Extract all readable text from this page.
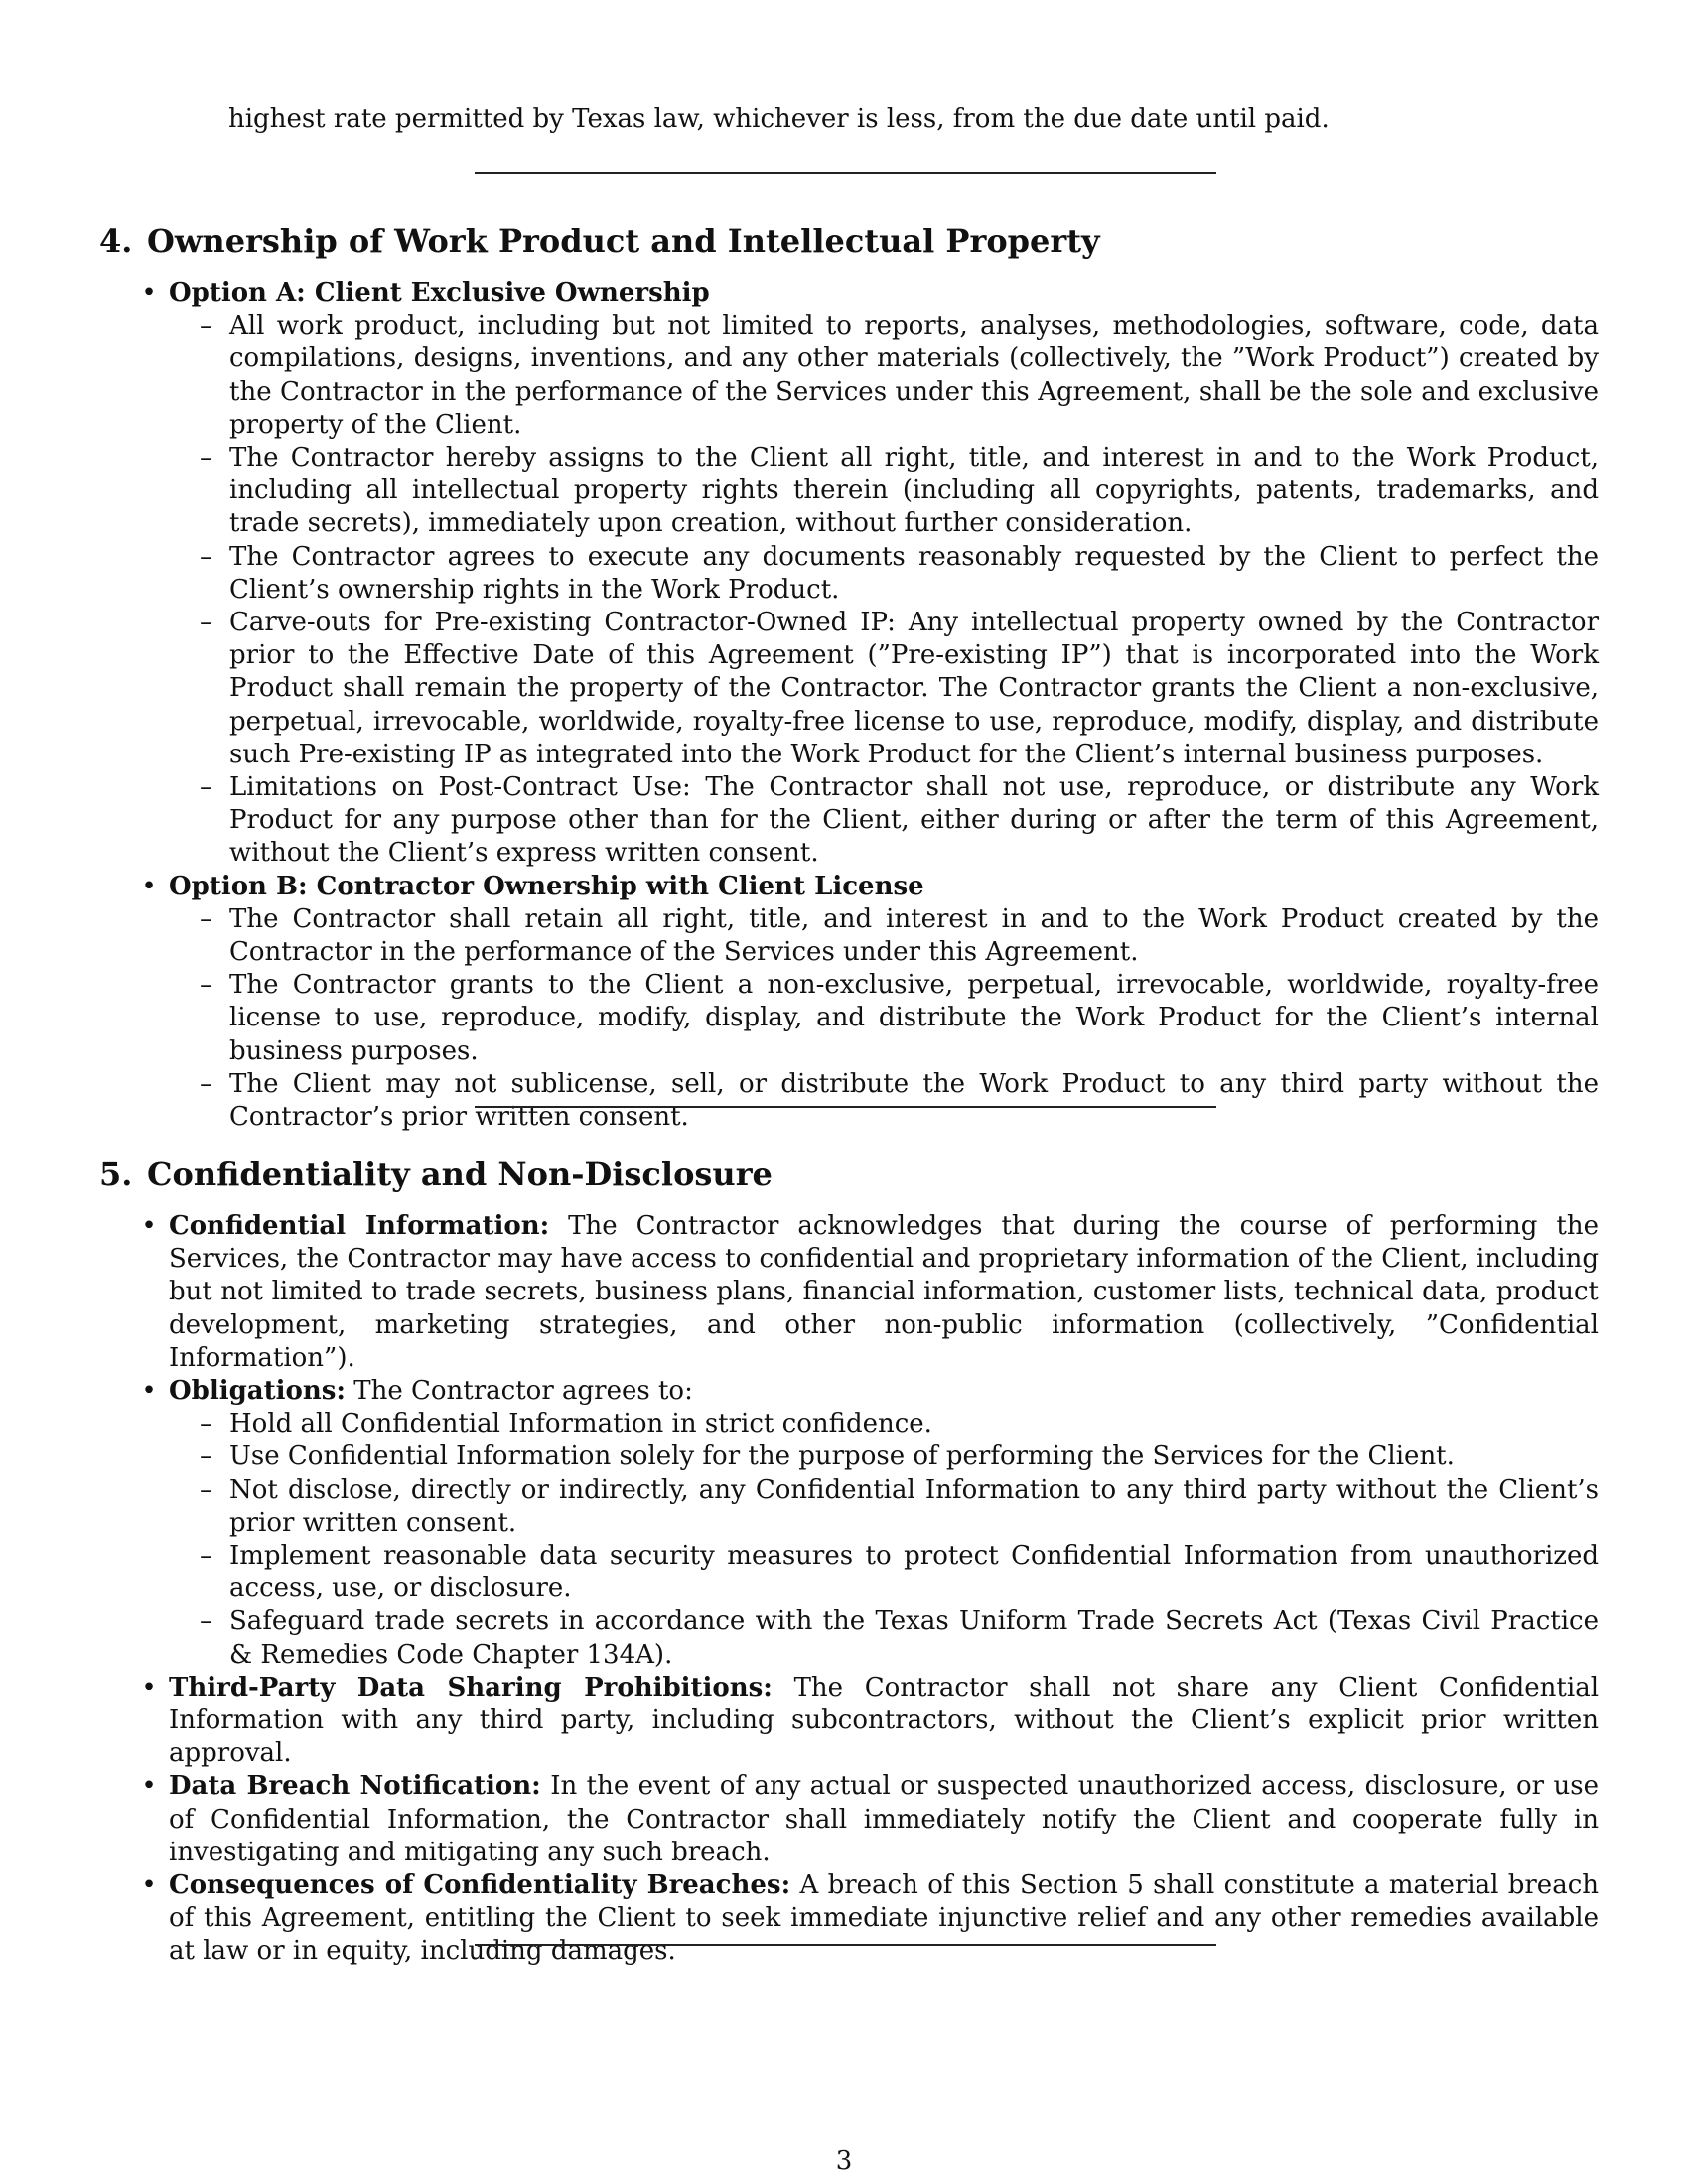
highest rate permitted by Texas law, whichever is less, from the due date until paid.
4. Ownership of Work Product and Intellectual Property
• Option A: Client Exclusive Ownership
– All work product, including but not limited to reports, analyses, methodologies, software, code, data compilations, designs, inventions, and any other materials (collectively, the ”Work Product”) created by the Contractor in the performance of the Services under this Agreement, shall be the sole and exclusive property of the Client.
– The Contractor hereby assigns to the Client all right, title, and interest in and to the Work Product, including all intellectual property rights therein (including all copyrights, patents, trademarks, and trade secrets), immediately upon creation, without further consideration.
– The Contractor agrees to execute any documents reasonably requested by the Client to perfect the Client’s ownership rights in the Work Product.
– Carve-outs for Pre-existing Contractor-Owned IP: Any intellectual property owned by the Contractor prior to the Effective Date of this Agreement (”Pre-existing IP”) that is incorporated into the Work Product shall remain the property of the Contractor. The Contractor grants the Client a non-exclusive, perpetual, irrevocable, worldwide, royalty-free license to use, reproduce, modify, display, and distribute such Pre-existing IP as integrated into the Work Product for the Client’s internal business purposes.
– Limitations on Post-Contract Use: The Contractor shall not use, reproduce, or distribute any Work Product for any purpose other than for the Client, either during or after the term of this Agreement, without the Client’s express written consent.
• Option B: Contractor Ownership with Client License
– The Contractor shall retain all right, title, and interest in and to the Work Product created by the Contractor in the performance of the Services under this Agreement.
– The Contractor grants to the Client a non-exclusive, perpetual, irrevocable, worldwide, royalty-free license to use, reproduce, modify, display, and distribute the Work Product for the Client’s internal business purposes.
– The Client may not sublicense, sell, or distribute the Work Product to any third party without the Contractor’s prior written consent.
5. Confidentiality and Non-Disclosure
• Confidential Information: The Contractor acknowledges that during the course of performing the Services, the Contractor may have access to confidential and proprietary information of the Client, including but not limited to trade secrets, business plans, financial information, customer lists, technical data, product development, marketing strategies, and other non-public information (collectively, ”Confidential Information”).
• Obligations: The Contractor agrees to:
– Hold all Confidential Information in strict confidence.
– Use Confidential Information solely for the purpose of performing the Services for the Client.
– Not disclose, directly or indirectly, any Confidential Information to any third party without the Client’s prior written consent.
– Implement reasonable data security measures to protect Confidential Information from unauthorized access, use, or disclosure.
– Safeguard trade secrets in accordance with the Texas Uniform Trade Secrets Act (Texas Civil Practice & Remedies Code Chapter 134A).
• Third-Party Data Sharing Prohibitions: The Contractor shall not share any Client Confidential Information with any third party, including subcontractors, without the Client’s explicit prior written approval.
• Data Breach Notification: In the event of any actual or suspected unauthorized access, disclosure, or use of Confidential Information, the Contractor shall immediately notify the Client and cooperate fully in investigating and mitigating any such breach.
• Consequences of Confidentiality Breaches: A breach of this Section 5 shall constitute a material breach of this Agreement, entitling the Client to seek immediate injunctive relief and any other remedies available at law or in equity, including damages.
3
